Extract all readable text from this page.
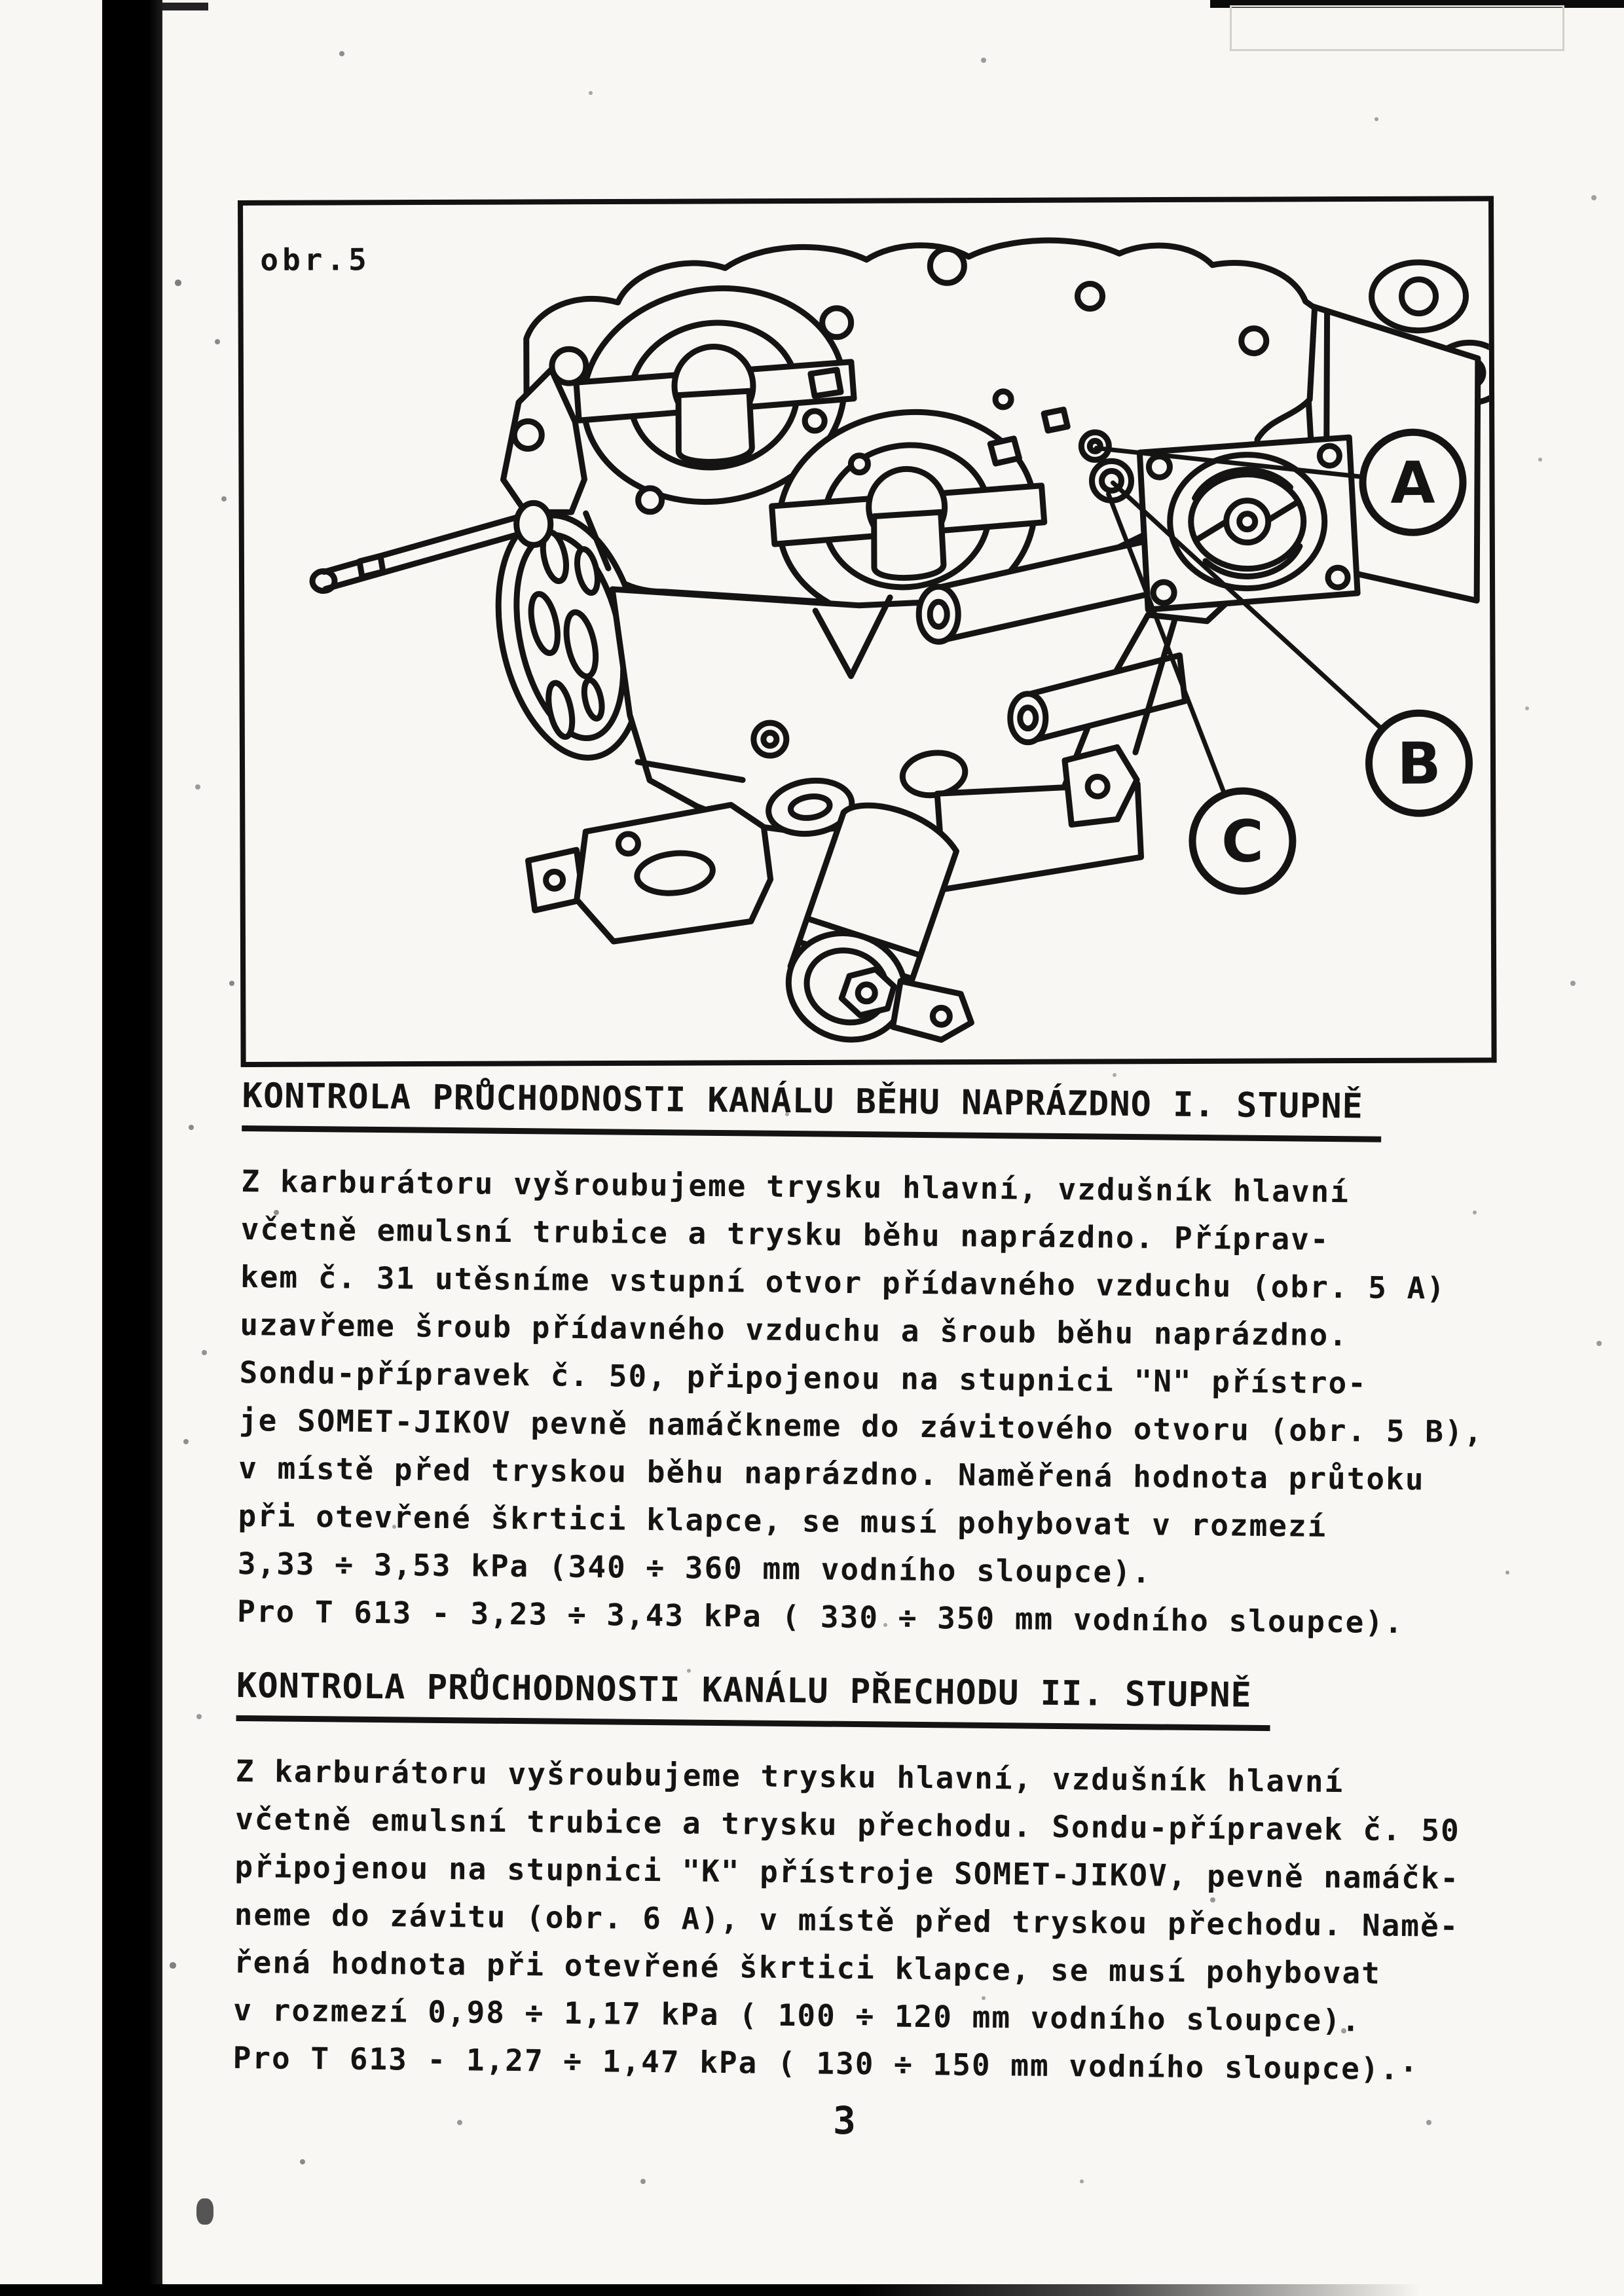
obr.5
A
B
C
KONTROLA PRŮCHODNOSTI KANÁLU BĚHU NAPRÁZDNO I. STUPNĚ
Z karburátoru vyšroubujeme trysku hlavní, vzdušník hlavní
včetně emulsní trubice a trysku běhu naprázdno. Příprav-
kem č. 31 utěsníme vstupní otvor přídavného vzduchu (obr. 5 A)
uzavřeme šroub přídavného vzduchu a šroub běhu naprázdno.
Sondu-přípravek č. 50, připojenou na stupnici "N" přístro-
je SOMET-JIKOV pevně namáčkneme do závitového otvoru (obr. 5 B),
v místě před tryskou běhu naprázdno. Naměřená hodnota průtoku
při otevřené škrtici klapce, se musí pohybovat v rozmezí
3,33 ÷ 3,53 kPa (340 ÷ 360 mm vodního sloupce).
Pro T 613 - 3,23 ÷ 3,43 kPa ( 330 ÷ 350 mm vodního sloupce).
KONTROLA PRŮCHODNOSTI KANÁLU PŘECHODU II. STUPNĚ
Z karburátoru vyšroubujeme trysku hlavní, vzdušník hlavní
včetně emulsní trubice a trysku přechodu. Sondu-přípravek č. 50
připojenou na stupnici "K" přístroje SOMET-JIKOV, pevně namáčk-
neme do závitu (obr. 6 A), v místě před tryskou přechodu. Namě-
řená hodnota při otevřené škrtici klapce, se musí pohybovat
v rozmezí 0,98 ÷ 1,17 kPa ( 100 ÷ 120 mm vodního sloupce).
Pro T 613 - 1,27 ÷ 1,47 kPa ( 130 ÷ 150 mm vodního sloupce).·
3
